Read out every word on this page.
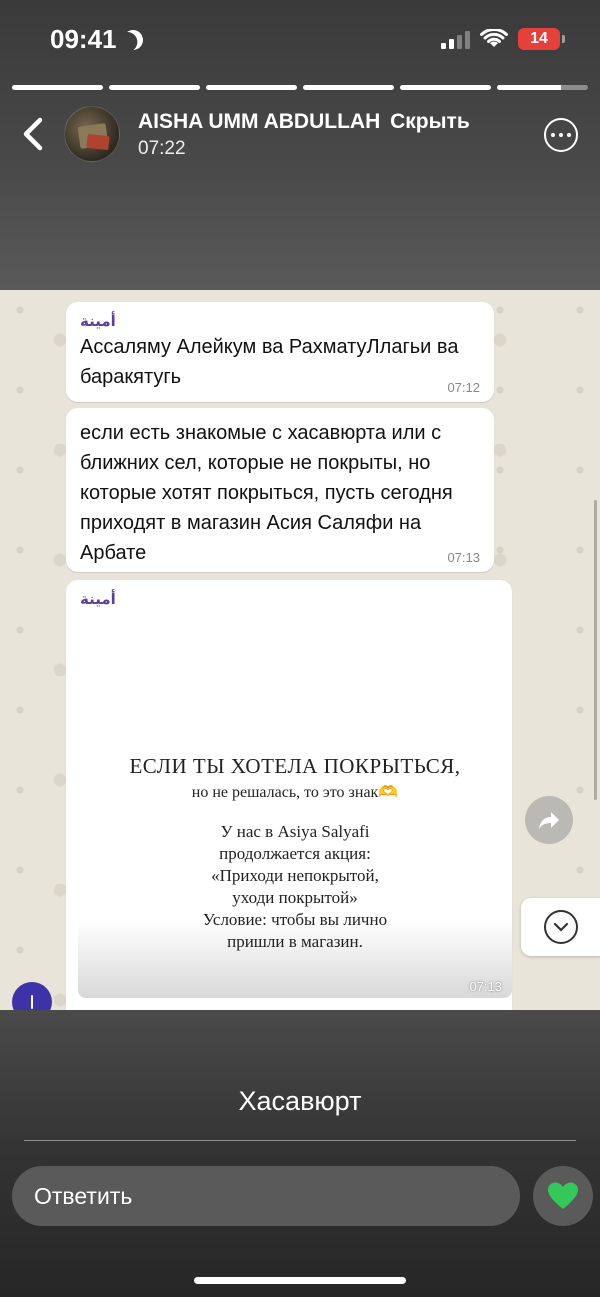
09:41	14
AISHA UMM ABDULLAH Скрыть
07:22
أمينة
Ассаляму Алейкум ва РахматуЛлагьи ва
баракятугь	07:12
если есть знакомые с хасавюрта или с
ближних сел, которые не покрыты, но
которые хотят покрыться, пусть сегодня
приходят в магазин Асия Саляфи на
Арбате	07:13
أمينة
ЕСЛИ ТЫ ХОТЕЛА ПОКРЫТЬСЯ,
но не решалась, то это знак🫶
У нас в Asiya Salyafi
продолжается акция:
«Приходи непокрытой,
уходи покрытой»
Условие: чтобы вы лично
пришли в магазин.
07:13
Хасавюрт
Ответить
